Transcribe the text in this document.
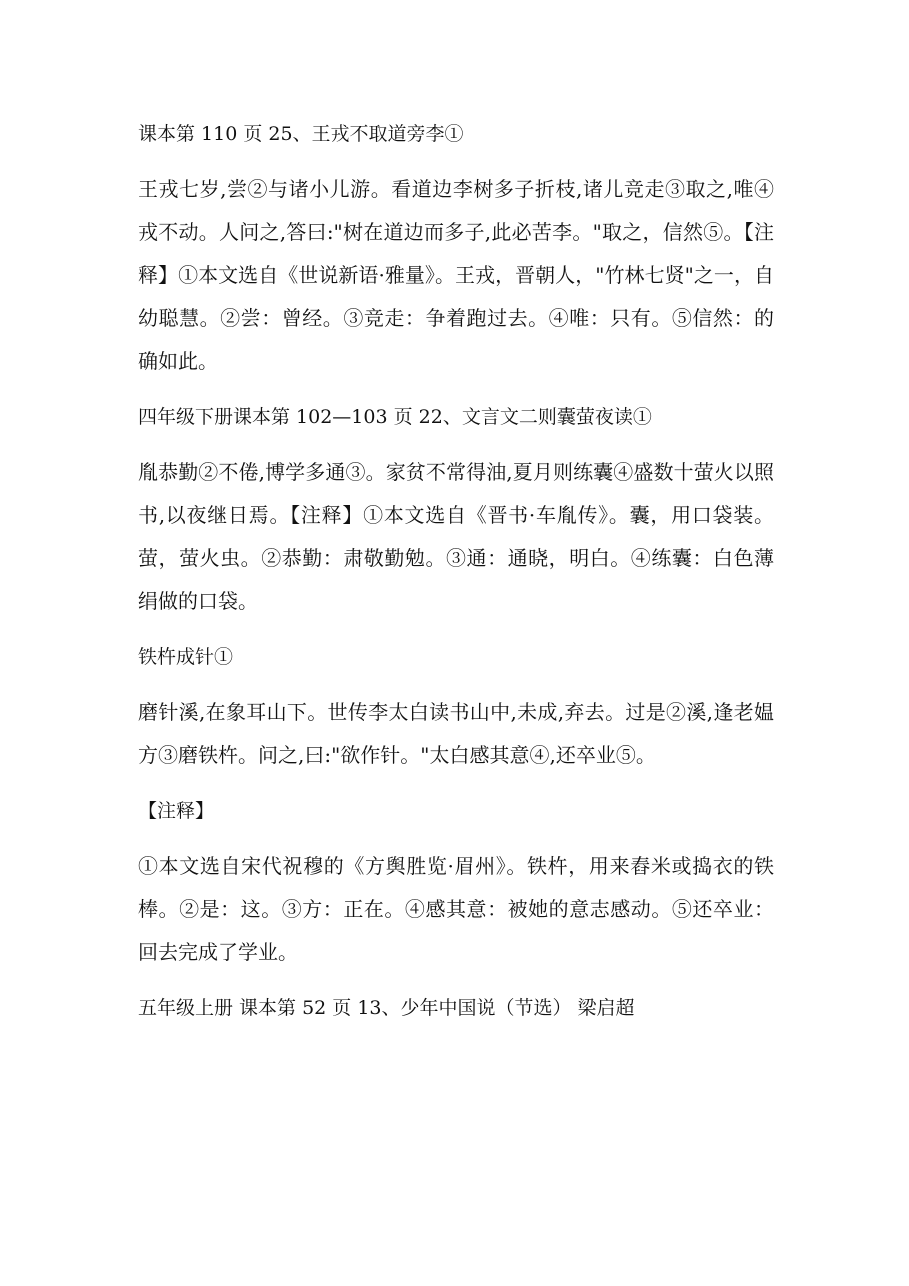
课本第 110 页 25、王戎不取道旁李①

王戎七岁,尝②与诸小儿游。看道边李树多子折枝,诸儿竞走③取之,唯④戎不动。人问之,答曰:"树在道边而多子,此必苦李。"取之，信然⑤。【注释】①本文选自《世说新语·雅量》。王戎，晋朝人，"竹林七贤"之一，自幼聪慧。②尝：曾经。③竞走：争着跑过去。④唯：只有。⑤信然：的确如此。

四年级下册课本第 102—103 页 22、文言文二则囊萤夜读①

胤恭勤②不倦,博学多通③。家贫不常得油,夏月则练囊④盛数十萤火以照书,以夜继日焉。【注释】①本文选自《晋书·车胤传》。囊，用口袋装。萤，萤火虫。②恭勤：肃敬勤勉。③通：通晓，明白。④练囊：白色薄绢做的口袋。

铁杵成针①

磨针溪,在象耳山下。世传李太白读书山中,未成,弃去。过是②溪,逢老媪方③磨铁杵。问之,曰:"欲作针。"太白感其意④,还卒业⑤。

【注释】

①本文选自宋代祝穆的《方舆胜览·眉州》。铁杵，用来舂米或捣衣的铁棒。②是：这。③方：正在。④感其意：被她的意志感动。⑤还卒业：回去完成了学业。

五年级上册 课本第 52 页 13、少年中国说（节选） 梁启超
